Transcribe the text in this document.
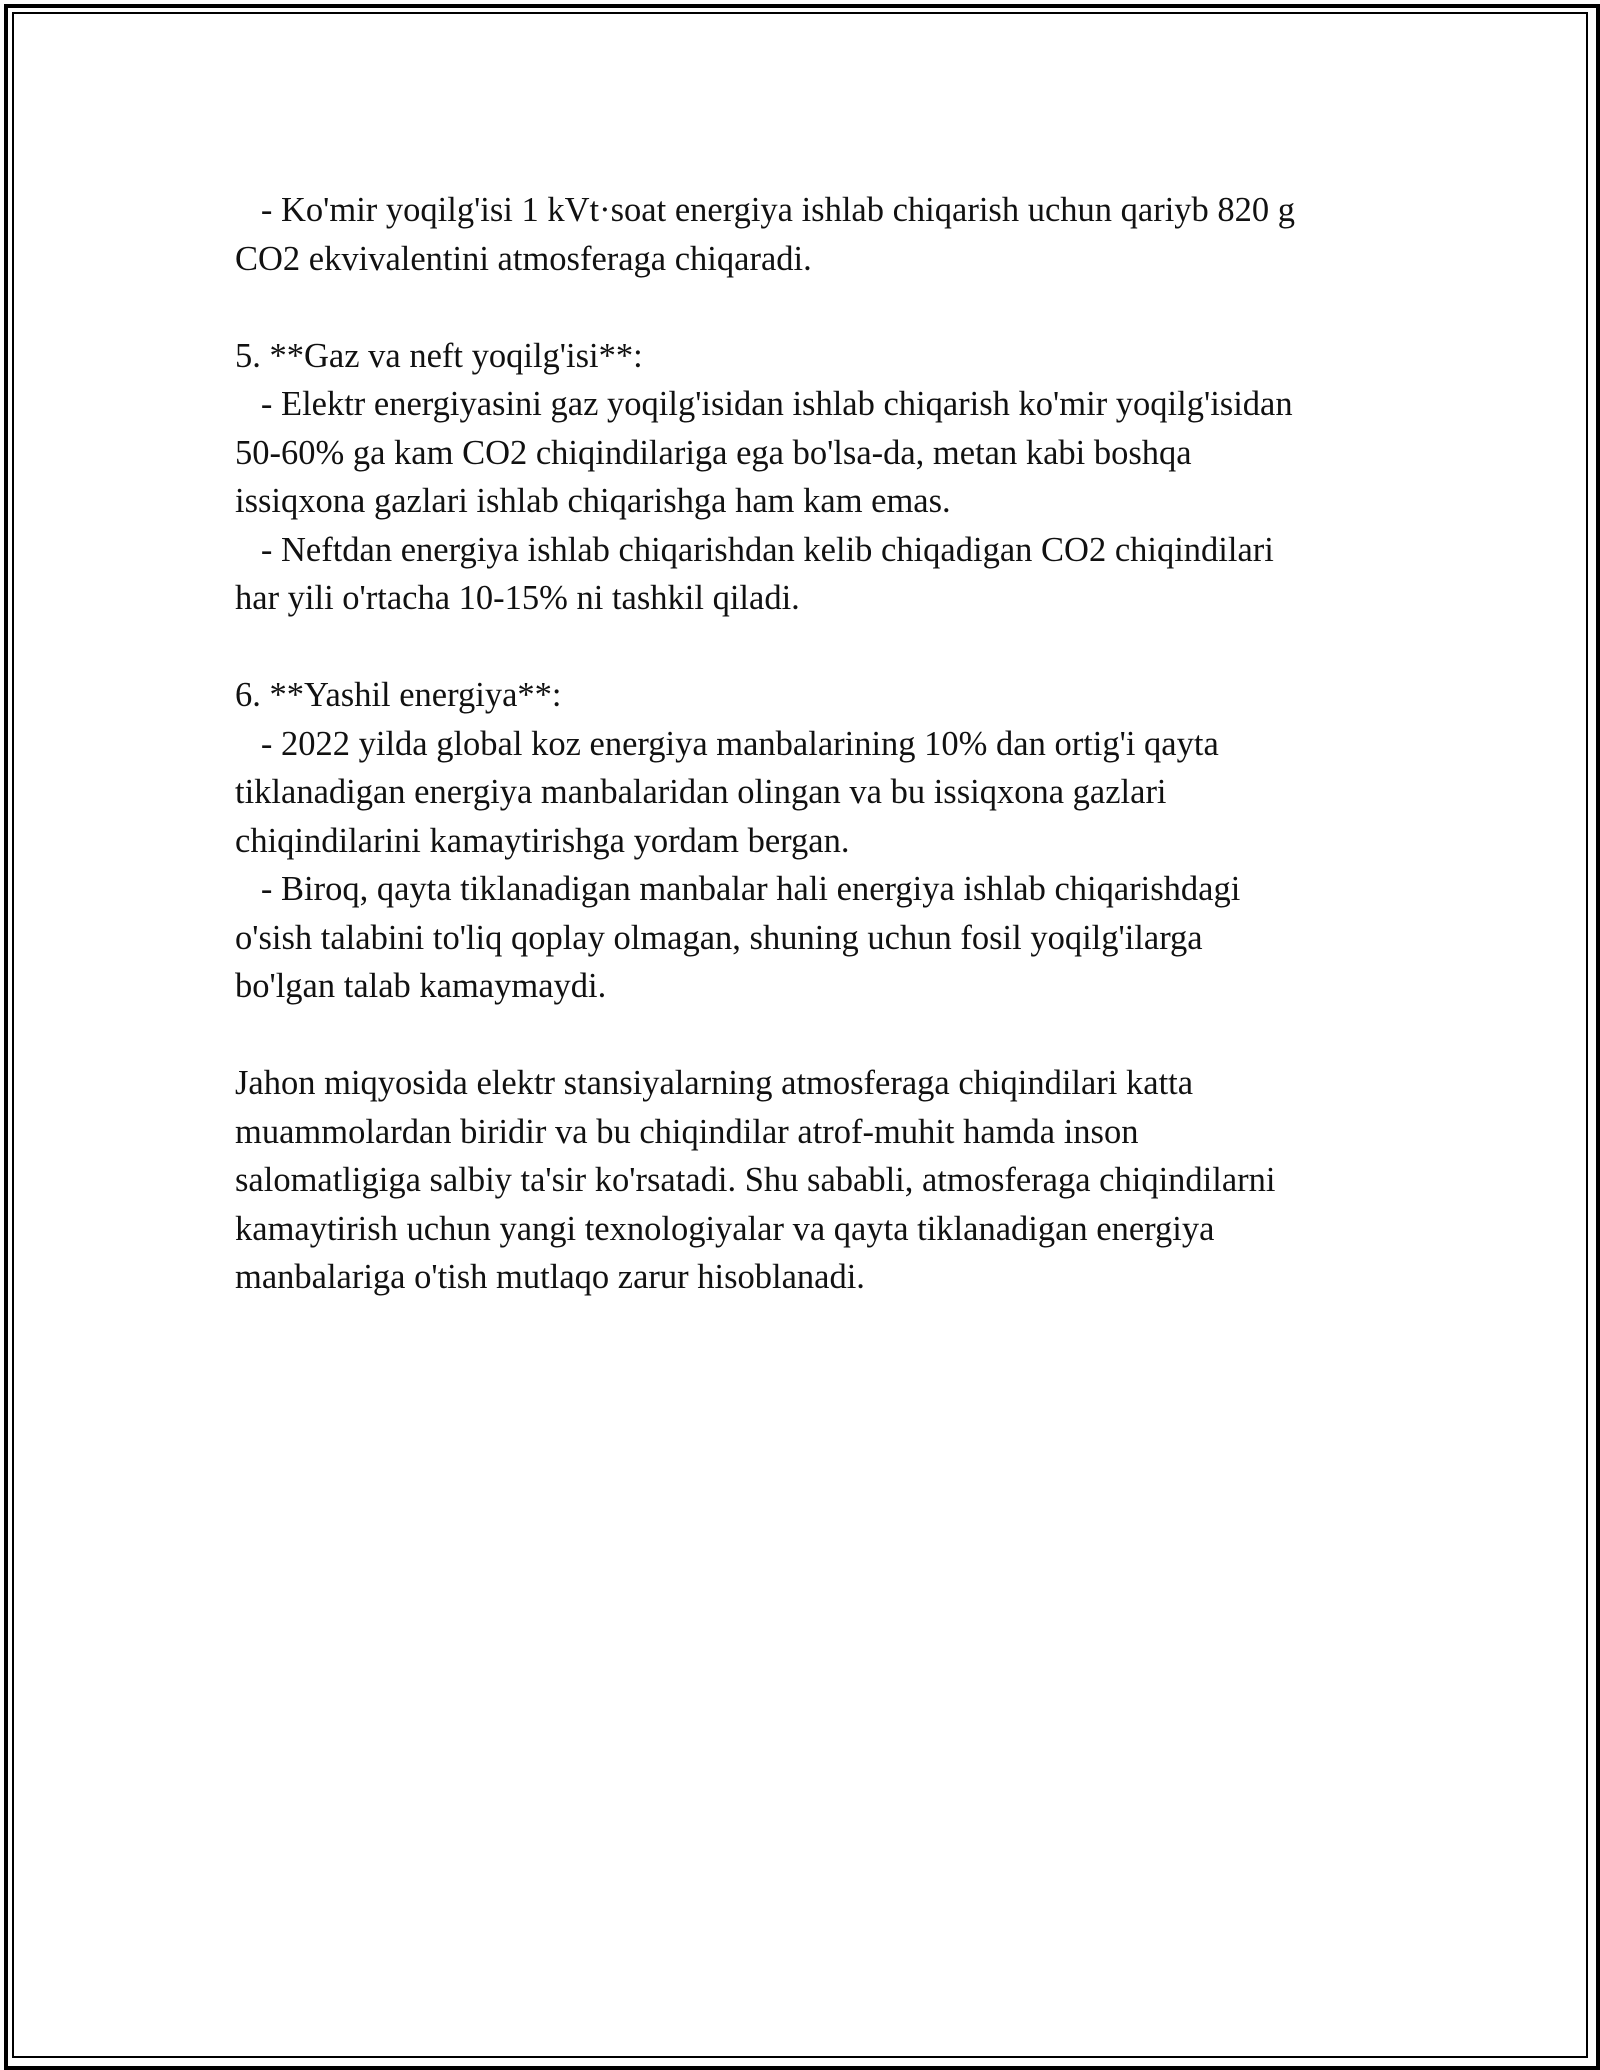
- Ko'mir yoqilg'isi 1 kVt·soat energiya ishlab chiqarish uchun qariyb 820 g
CO2 ekvivalentini atmosferaga chiqaradi.
5. **Gaz va neft yoqilg'isi**:
- Elektr energiyasini gaz yoqilg'isidan ishlab chiqarish ko'mir yoqilg'isidan
50-60% ga kam CO2 chiqindilariga ega bo'lsa-da, metan kabi boshqa
issiqxona gazlari ishlab chiqarishga ham kam emas.
- Neftdan energiya ishlab chiqarishdan kelib chiqadigan CO2 chiqindilari
har yili o'rtacha 10-15% ni tashkil qiladi.
6. **Yashil energiya**:
- 2022 yilda global koz energiya manbalarining 10% dan ortig'i qayta
tiklanadigan energiya manbalaridan olingan va bu issiqxona gazlari
chiqindilarini kamaytirishga yordam bergan.
- Biroq, qayta tiklanadigan manbalar hali energiya ishlab chiqarishdagi
o'sish talabini to'liq qoplay olmagan, shuning uchun fosil yoqilg'ilarga
bo'lgan talab kamaymaydi.
Jahon miqyosida elektr stansiyalarning atmosferaga chiqindilari katta
muammolardan biridir va bu chiqindilar atrof-muhit hamda inson
salomatligiga salbiy ta'sir ko'rsatadi. Shu sababli, atmosferaga chiqindilarni
kamaytirish uchun yangi texnologiyalar va qayta tiklanadigan energiya
manbalariga o'tish mutlaqo zarur hisoblanadi.
